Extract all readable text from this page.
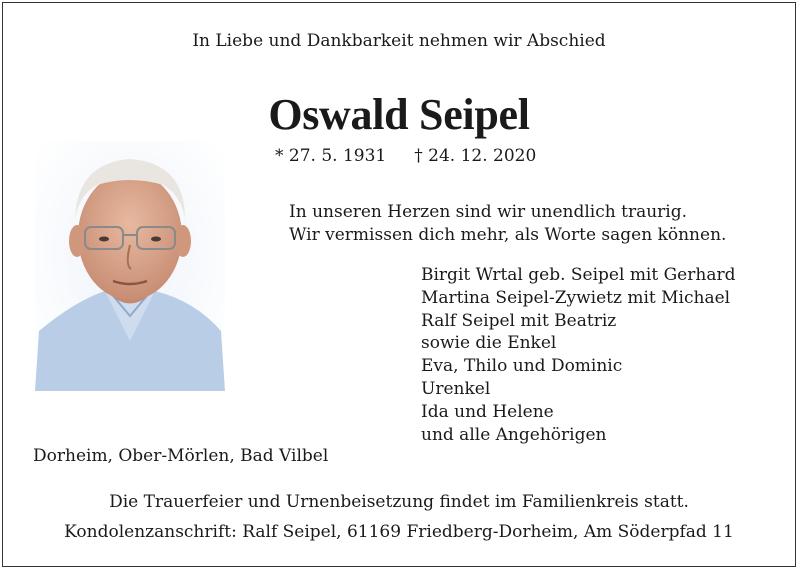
In Liebe und Dankbarkeit nehmen wir Abschied
Oswald Seipel
* 27. 5. 1931 † 24. 12. 2020
In unseren Herzen sind wir unendlich traurig.
Wir vermissen dich mehr, als Worte sagen können.
Birgit Wrtal geb. Seipel mit Gerhard
Martina Seipel-Zywietz mit Michael
Ralf Seipel mit Beatriz
sowie die Enkel
Eva, Thilo und Dominic
Urenkel
Ida und Helene
und alle Angehörigen
Dorheim, Ober-Mörlen, Bad Vilbel
Die Trauerfeier und Urnenbeisetzung findet im Familienkreis statt.
Kondolenzanschrift: Ralf Seipel, 61169 Friedberg-Dorheim, Am Söderpfad 11
